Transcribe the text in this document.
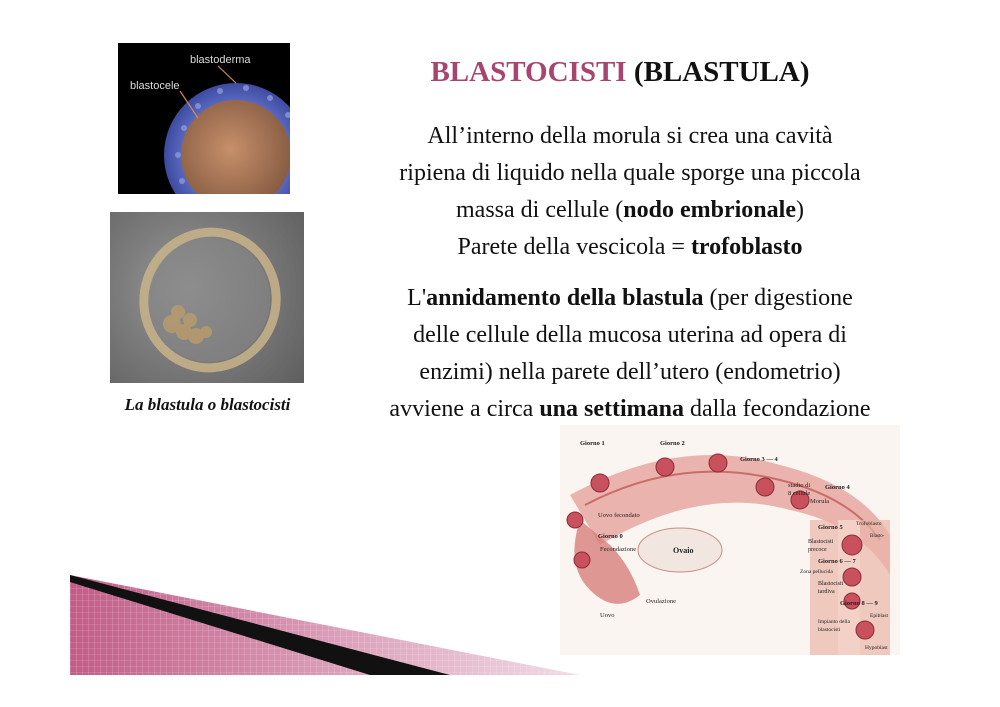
BLASTOCISTI (BLASTULA)
All’interno della morula si crea una cavità
ripiena di liquido nella quale sporge una piccola
massa di cellule (nodo embrionale)
Parete della vescicola = trofoblasto
L'annidamento della blastula (per digestione
delle cellule della mucosa uterina ad opera di
enzimi) nella parete dell’utero (endometrio)
avviene a circa una settimana dalla fecondazione
blastoderma
blastocele
La blastula o blastocisti
Giorno 1	Giorno 2
Giorno 3 — 4
Giorno 4
Morula
stadio di
8 cellule
Uovo fecondato
Giorno 0
Fecondazione	Ovaio
Giorno 5 Trofoblasto
Blastocisti
precoce
Blasto-
Giorno 6 — 7
Zona pellucida
Blastocisti
tardiva
Giorno 8 — 9
Ovulazione
Uovo
Impianto della
blastocisti
Epiblast
Hypoblast
